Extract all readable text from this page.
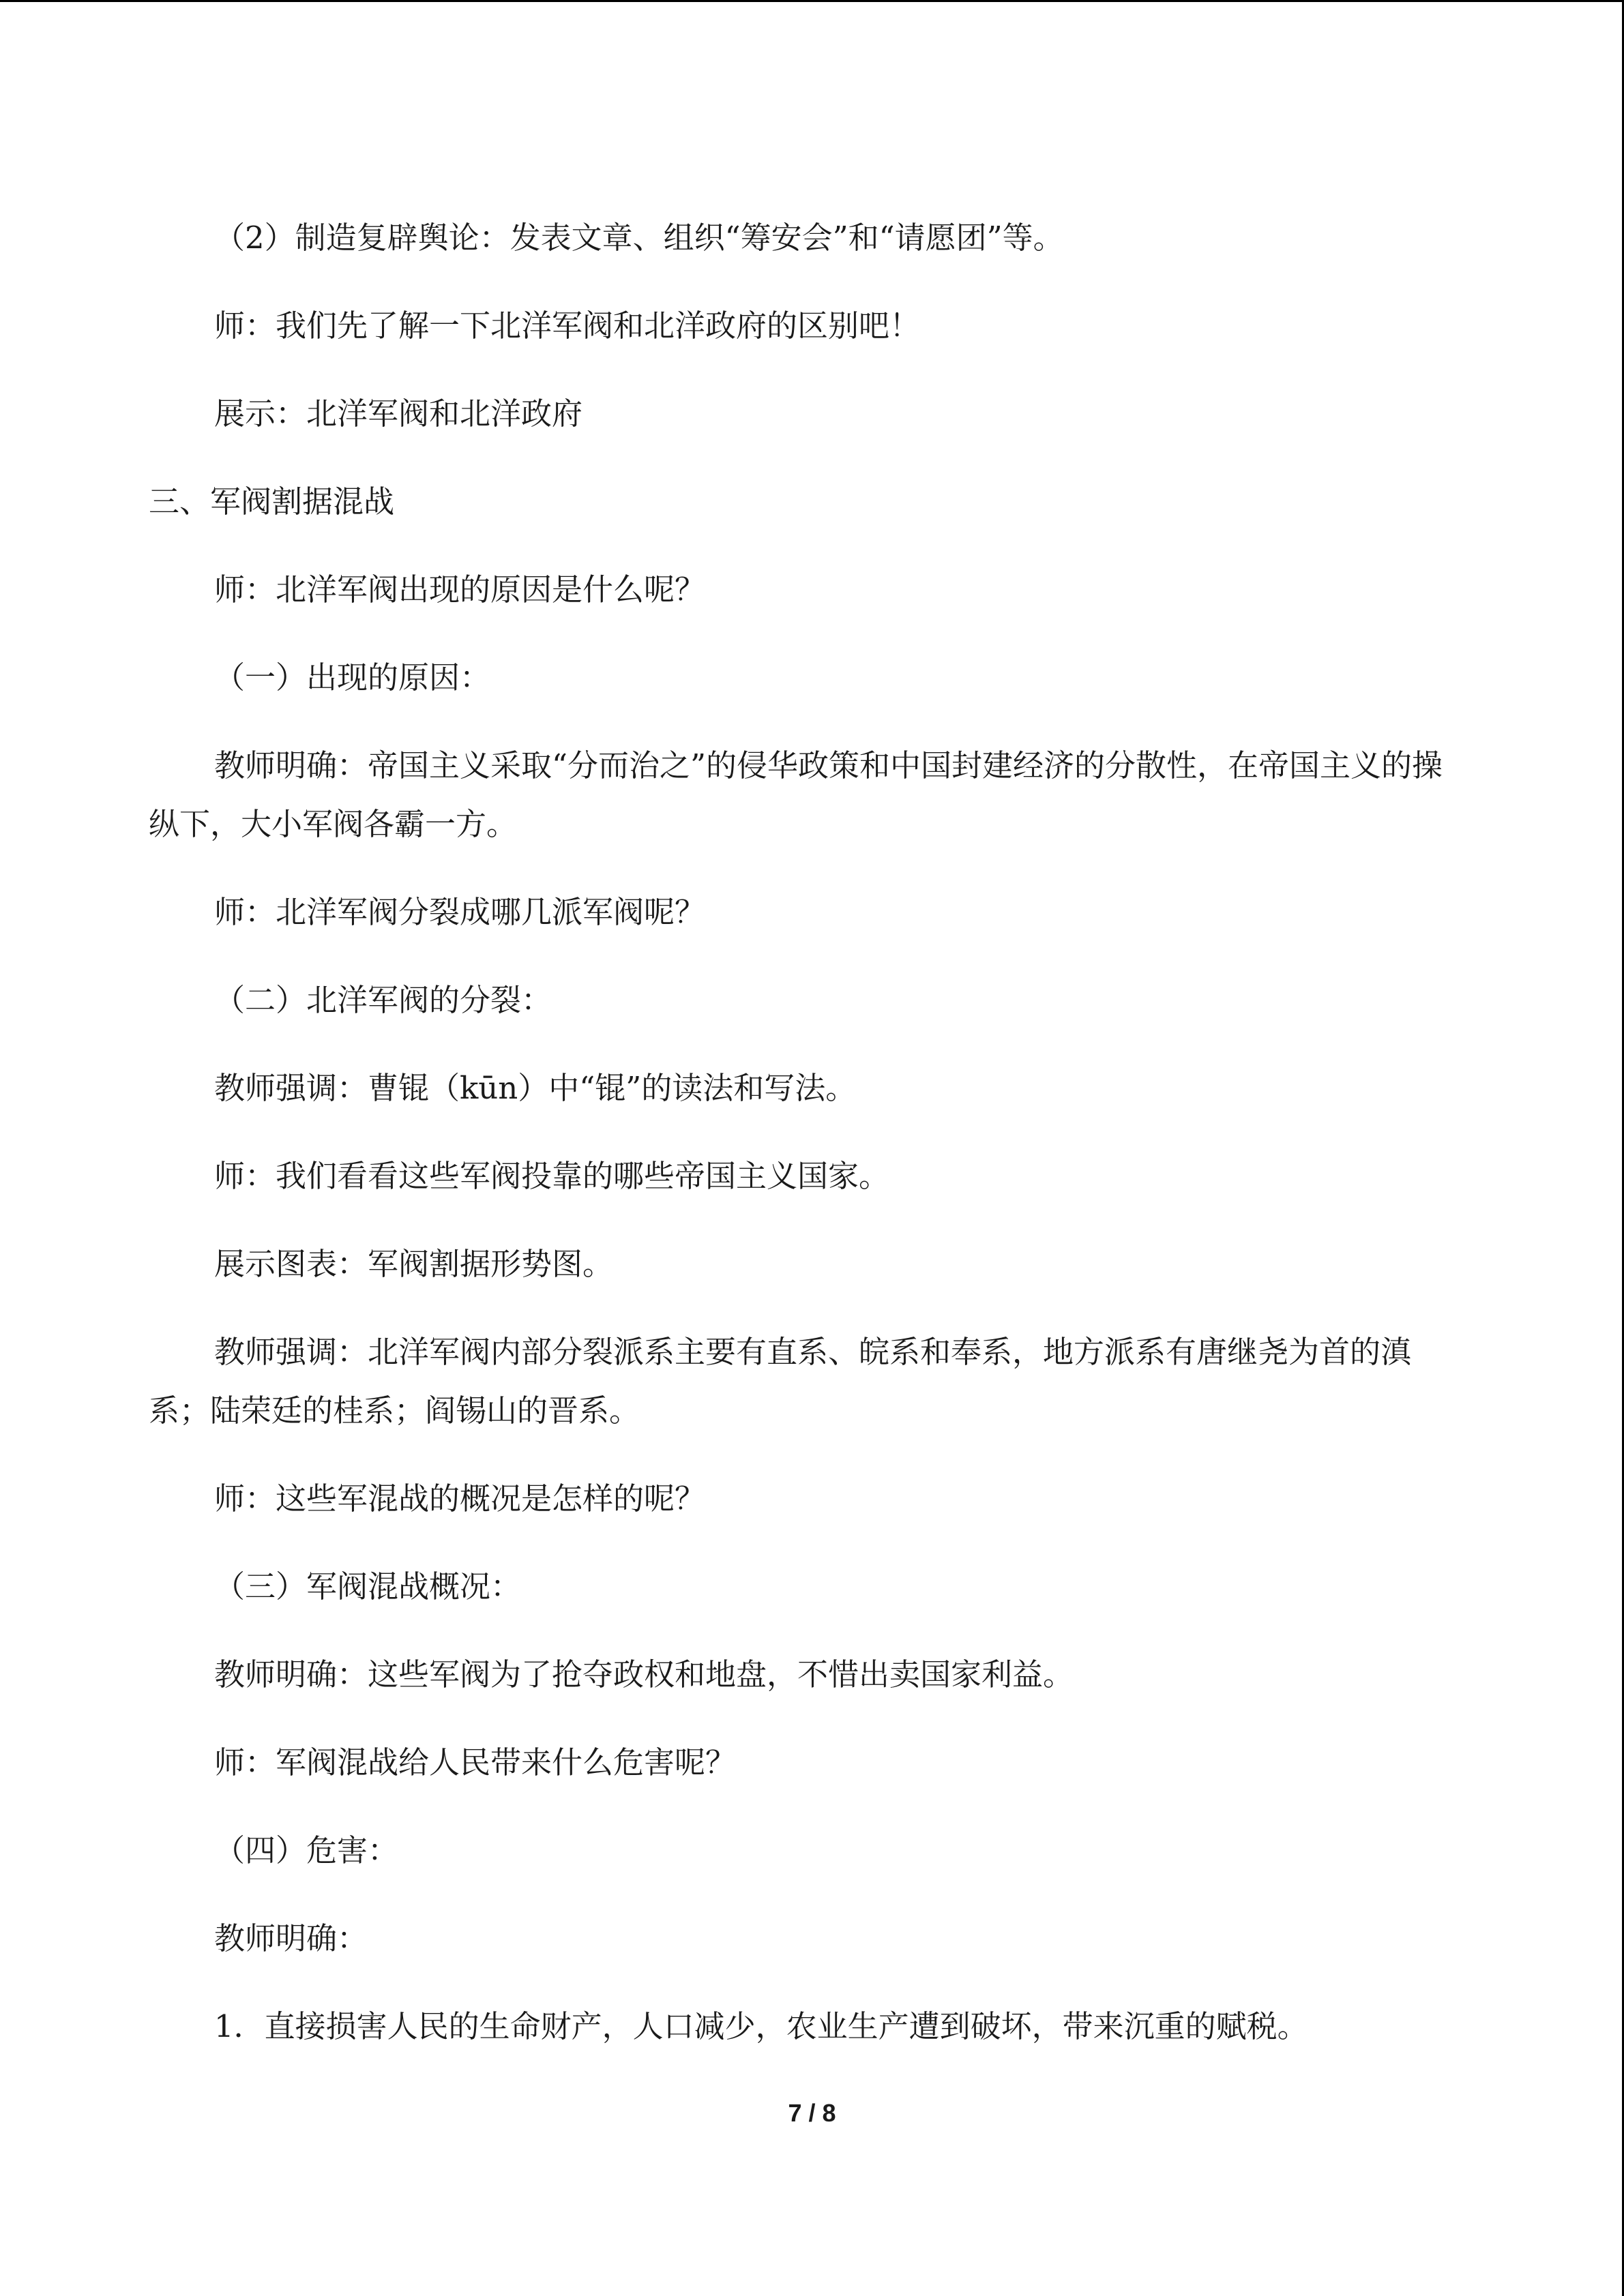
（2）制造复辟舆论：发表文章、组织“筹安会”和“请愿团”等。

师：我们先了解一下北洋军阀和北洋政府的区别吧！

展示：北洋军阀和北洋政府

三、军阀割据混战

师：北洋军阀出现的原因是什么呢？

（一）出现的原因：

教师明确：帝国主义采取“分而治之”的侵华政策和中国封建经济的分散性，在帝国主义的操纵下，大小军阀各霸一方。

师：北洋军阀分裂成哪几派军阀呢？

（二）北洋军阀的分裂：

教师强调：曹锟（kūn）中“锟”的读法和写法。

师：我们看看这些军阀投靠的哪些帝国主义国家。

展示图表：军阀割据形势图。

教师强调：北洋军阀内部分裂派系主要有直系、皖系和奉系，地方派系有唐继尧为首的滇系；陆荣廷的桂系；阎锡山的晋系。

师：这些军混战的概况是怎样的呢？

（三）军阀混战概况：

教师明确：这些军阀为了抢夺政权和地盘，不惜出卖国家利益。

师：军阀混战给人民带来什么危害呢？

（四）危害：

教师明确：

1．直接损害人民的生命财产，人口减少，农业生产遭到破坏，带来沉重的赋税。

7 / 8
